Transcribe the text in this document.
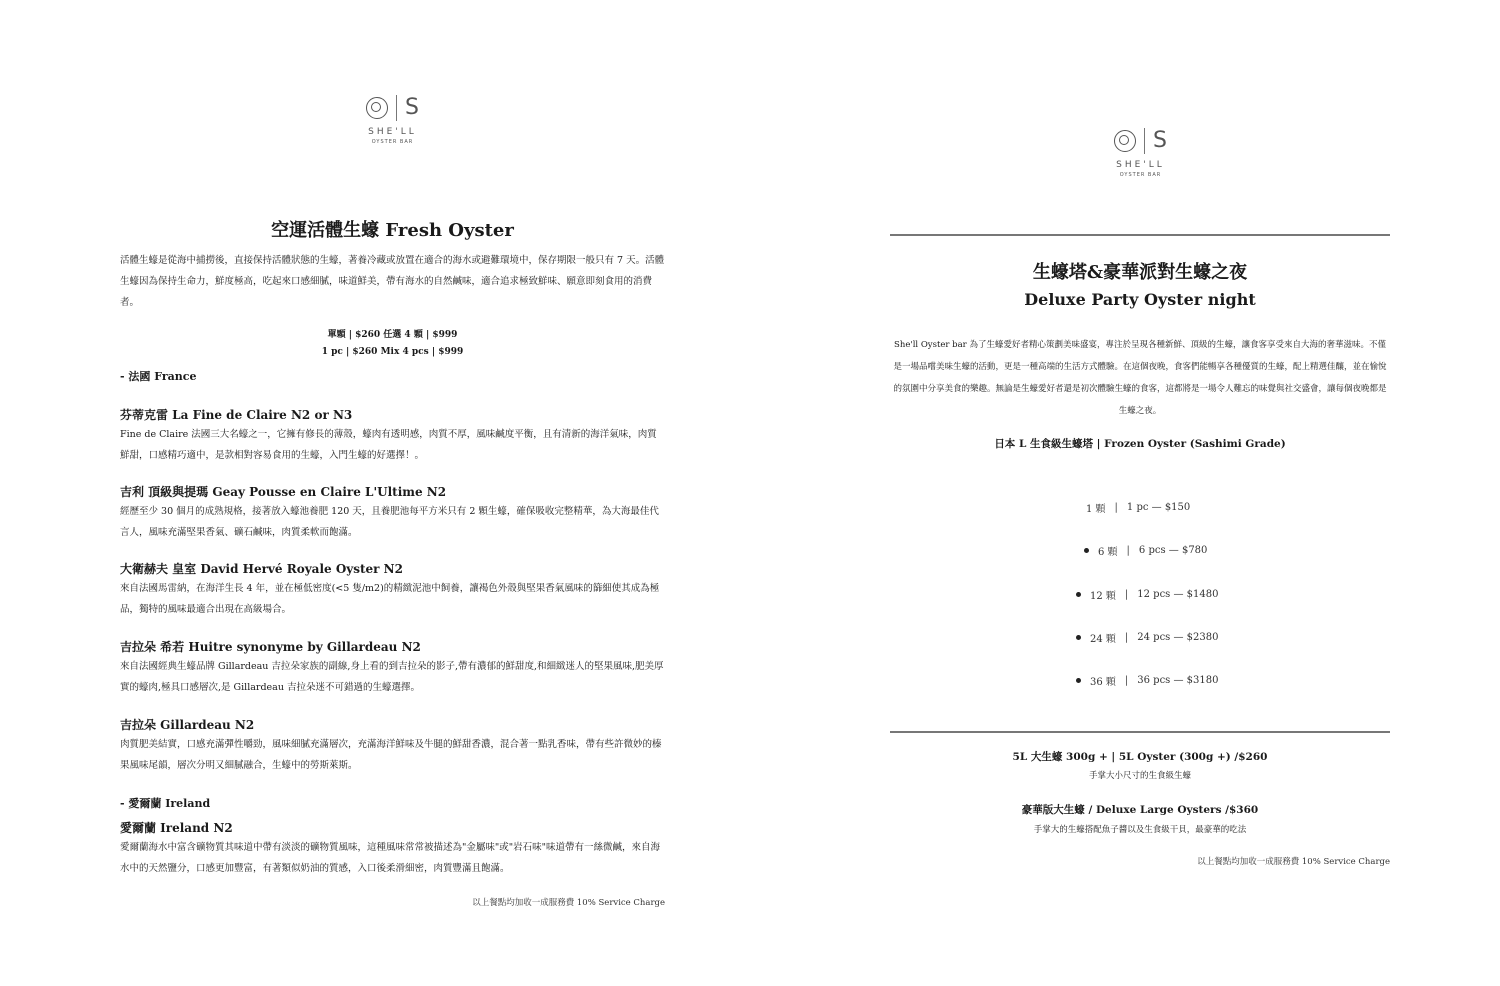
S
SHE'LL
OYSTER BAR
空運活體生蠔 Fresh Oyster

活體生蠔是從海中捕撈後，直接保持活體狀態的生蠔，著養冷藏或放置在適合的海水或避難環境中，保存期限一般只有 7 天。活體生蠔因為保持生命力，鮮度極高，吃起來口感細膩，味道鮮美，帶有海水的自然鹹味，適合追求極致鮮味、願意即刻食用的消費者。

單顆 | $260 任選 4 顆 | $999
1 pc | $260 Mix 4 pcs | $999
- 法國 France
芬蒂克雷 La Fine de Claire N2 or N3

Fine de Claire 法國三大名蠔之一，它擁有修長的薄殼，蠔肉有透明感，肉質不厚，風味鹹度平衡，且有清新的海洋氣味，肉質鮮甜，口感精巧適中，是款相對容易食用的生蠔，入門生蠔的好選擇！。

吉利 頂級與提瑪 Geay Pousse en Claire L'Ultime N2

經歷至少 30 個月的成熟規格，接著放入蠔池養肥 120 天，且養肥池每平方米只有 2 顆生蠔，確保吸收完整精華，為大海最佳代言人，風味充滿堅果香氣、礦石鹹味，肉質柔軟而飽滿。

大衛赫夫 皇室 David Hervé Royale Oyster N2

來自法國馬雷納，在海洋生長 4 年，並在極低密度(<5 隻/m2)的精緻泥池中飼養，讓褐色外殼與堅果香氣風味的篩細使其成為極品，獨特的風味最適合出現在高級場合。

吉拉朵 希若 Huitre synonyme by Gillardeau N2

來自法國經典生蠔品牌 Gillardeau 吉拉朵家族的副線,身上看的到吉拉朵的影子,帶有濃郁的鮮甜度,和細緻迷人的堅果風味,肥美厚實的蠔肉,極具口感層次,是 Gillardeau 吉拉朵迷不可錯過的生蠔選擇。

吉拉朵 Gillardeau N2

肉質肥美結實，口感充滿彈性嚼勁，風味細膩充滿層次，充滿海洋鮮味及牛腿的鮮甜香濃，混合著一點乳香味，帶有些許微妙的榛果風味尾韻，層次分明又細膩融合，生蠔中的勞斯萊斯。

- 愛爾蘭 Ireland
愛爾蘭 Ireland N2

愛爾蘭海水中富含礦物質其味道中帶有淡淡的礦物質風味，這種風味常常被描述為"金屬味"或"岩石味"味道帶有一絲微鹹，來自海水中的天然鹽分，口感更加豐富，有著類似奶油的質感，入口後柔滑細密，肉質豐滿且飽滿。

以上餐點均加收一成服務費 10% Service Charge
S
SHE'LL
OYSTER BAR
生蠔塔&豪華派對生蠔之夜
Deluxe Party Oyster night

She'll Oyster bar 為了生蠔愛好者精心策劃美味盛宴，專注於呈現各種新鮮、頂級的生蠔，讓食客享受來自大海的奢華滋味。不僅是一場品嚐美味生蠔的活動，更是一種高端的生活方式體驗。在這個夜晚，食客們能暢享各種優質的生蠔，配上精選佳釀，並在愉悅的氛圍中分享美食的樂趣。無論是生蠔愛好者還是初次體驗生蠔的食客，這都將是一場令人難忘的味覺與社交盛會，讓每個夜晚都是生蠔之夜。

日本 L 生食級生蠔塔 | Frozen Oyster (Sashimi Grade)
1 顆 | 1 pc — $150
6 顆 | 6 pcs — $780
12 顆 | 12 pcs — $1480
24 顆 | 24 pcs — $2380
36 顆 | 36 pcs — $3180
5L 大生蠔 300g + | 5L Oyster (300g +) /$260
手掌大小尺寸的生食級生蠔
豪華版大生蠔 / Deluxe Large Oysters /$360
手掌大的生蠔搭配魚子醬以及生食級干貝，最豪華的吃法
以上餐點均加收一成服務費 10% Service Charge
